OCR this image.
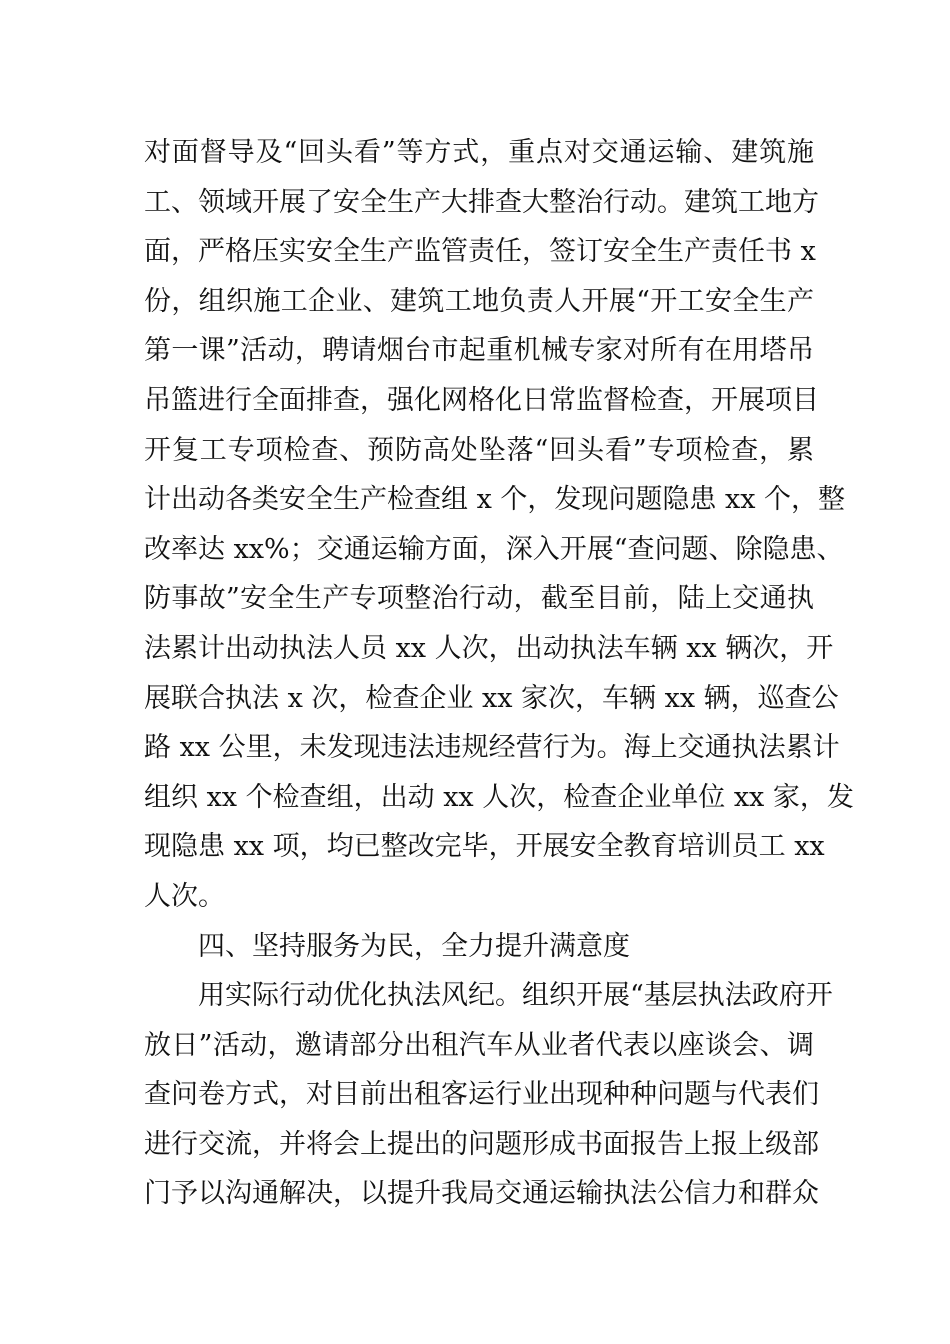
对面督导及“回头看”等方式，重点对交通运输、建筑施
工、领域开展了安全生产大排查大整治行动。建筑工地方
面，严格压实安全生产监管责任，签订安全生产责任书 x
份，组织施工企业、建筑工地负责人开展“开工安全生产
第一课”活动，聘请烟台市起重机械专家对所有在用塔吊
吊篮进行全面排查，强化网格化日常监督检查，开展项目
开复工专项检查、预防高处坠落“回头看”专项检查，累
计出动各类安全生产检查组 x 个，发现问题隐患 xx 个，整
改率达 xx%；交通运输方面，深入开展“查问题、除隐患、
防事故”安全生产专项整治行动，截至目前，陆上交通执
法累计出动执法人员 xx 人次，出动执法车辆 xx 辆次，开
展联合执法 x 次，检查企业 xx 家次，车辆 xx 辆，巡查公
路 xx 公里，未发现违法违规经营行为。海上交通执法累计
组织 xx 个检查组，出动 xx 人次，检查企业单位 xx 家，发
现隐患 xx 项，均已整改完毕，开展安全教育培训员工 xx
人次。
四、坚持服务为民，全力提升满意度
用实际行动优化执法风纪。组织开展“基层执法政府开
放日”活动，邀请部分出租汽车从业者代表以座谈会、调
查问卷方式，对目前出租客运行业出现种种问题与代表们
进行交流，并将会上提出的问题形成书面报告上报上级部
门予以沟通解决，以提升我局交通运输执法公信力和群众
